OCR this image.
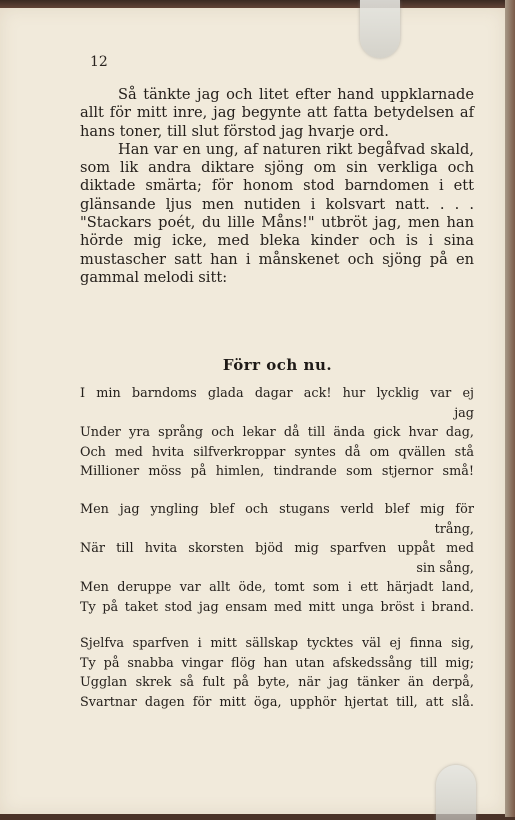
12

Så tänkte jag och litet efter hand uppklarnade allt för mitt inre, jag begynte att fatta betydelsen af hans toner, till slut förstod jag hvarje ord.

Han var en ung, af naturen rikt begåfvad skald, som lik andra diktare sjöng om sin verkliga och diktade smärta; för honom stod barndomen i ett glänsande ljus men nutiden i kolsvart natt. . . . "Stackars poét, du lille Måns!" utbröt jag, men han hörde mig icke, med bleka kinder och is i sina mustascher satt han i månskenet och sjöng på en gammal melodi sitt:

Förr och nu.
I min barndoms glada dagar ack! hur lycklig var ej
jag
Under yra språng och lekar då till ända gick hvar dag,
Och med hvita silfverkroppar syntes då om qvällen stå
Millioner möss på himlen, tindrande som stjernor små!
Men jag yngling blef och stugans verld blef mig för
trång,
När till hvita skorsten bjöd mig sparfven uppåt med
sin sång,
Men deruppe var allt öde, tomt som i ett härjadt land,
Ty på taket stod jag ensam med mitt unga bröst i brand.
Sjelfva sparfven i mitt sällskap tycktes väl ej finna sig,
Ty på snabba vingar flög han utan afskedssång till mig;
Ugglan skrek så fult på byte, när jag tänker än derpå,
Svartnar dagen för mitt öga, upphör hjertat till, att slå.
